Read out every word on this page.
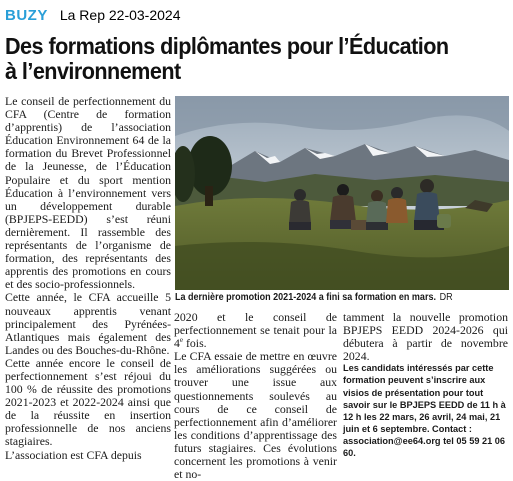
BUZY La Rep 22-03-2024
Des formations diplômantes pour l’Éducation
à l’environnement

Le conseil de perfectionnement du CFA (Centre de formation d’apprentis) de l’association Éducation Environnement 64 de la formation du Brevet Professionnel de la Jeunesse, de l’Éducation Populaire et du sport mention Éducation à l’environnement vers un développement durable (BPJEPS-EEDD) s’est réuni dernièrement. Il rassemble des représentants de l’organisme de formation, des représentants des apprentis des promotions en cours et des socio-professionnels.

Cette année, le CFA accueille 5 nouveaux apprentis venant principalement des Pyrénées-Atlantiques mais également des Landes ou des Bouches-du-Rhône.

Cette année encore le conseil de perfectionnement s’est réjoui du 100 % de réussite des promotions 2021-2023 et 2022-2024 ainsi que de la réussite en insertion professionnelle de nos anciens stagiaires.

L’association est CFA depuis

La dernière promotion 2021-2024 a fini sa formation en mars. DR

2020 et le conseil de perfectionnement se tenait pour la 4e fois.

Le CFA essaie de mettre en œuvre les améliorations suggérées ou trouver une issue aux questionnements soulevés au cours de ce conseil de perfectionnement afin d’améliorer les conditions d’apprentissage des futurs stagiaires. Ces évolutions concernent les promotions à venir et no-

tamment la nouvelle promotion BPJEPS EEDD 2024-2026 qui débutera à partir de novembre 2024.

Les candidats intéressés par cette formation peuvent s’inscrire aux visios de présentation pour tout savoir sur le BPJEPS EEDD de 11 h à 12 h les 22 mars, 26 avril, 24 mai, 21 juin et 6 septembre. Contact : association@ee64.org tel 05 59 21 06 60.
